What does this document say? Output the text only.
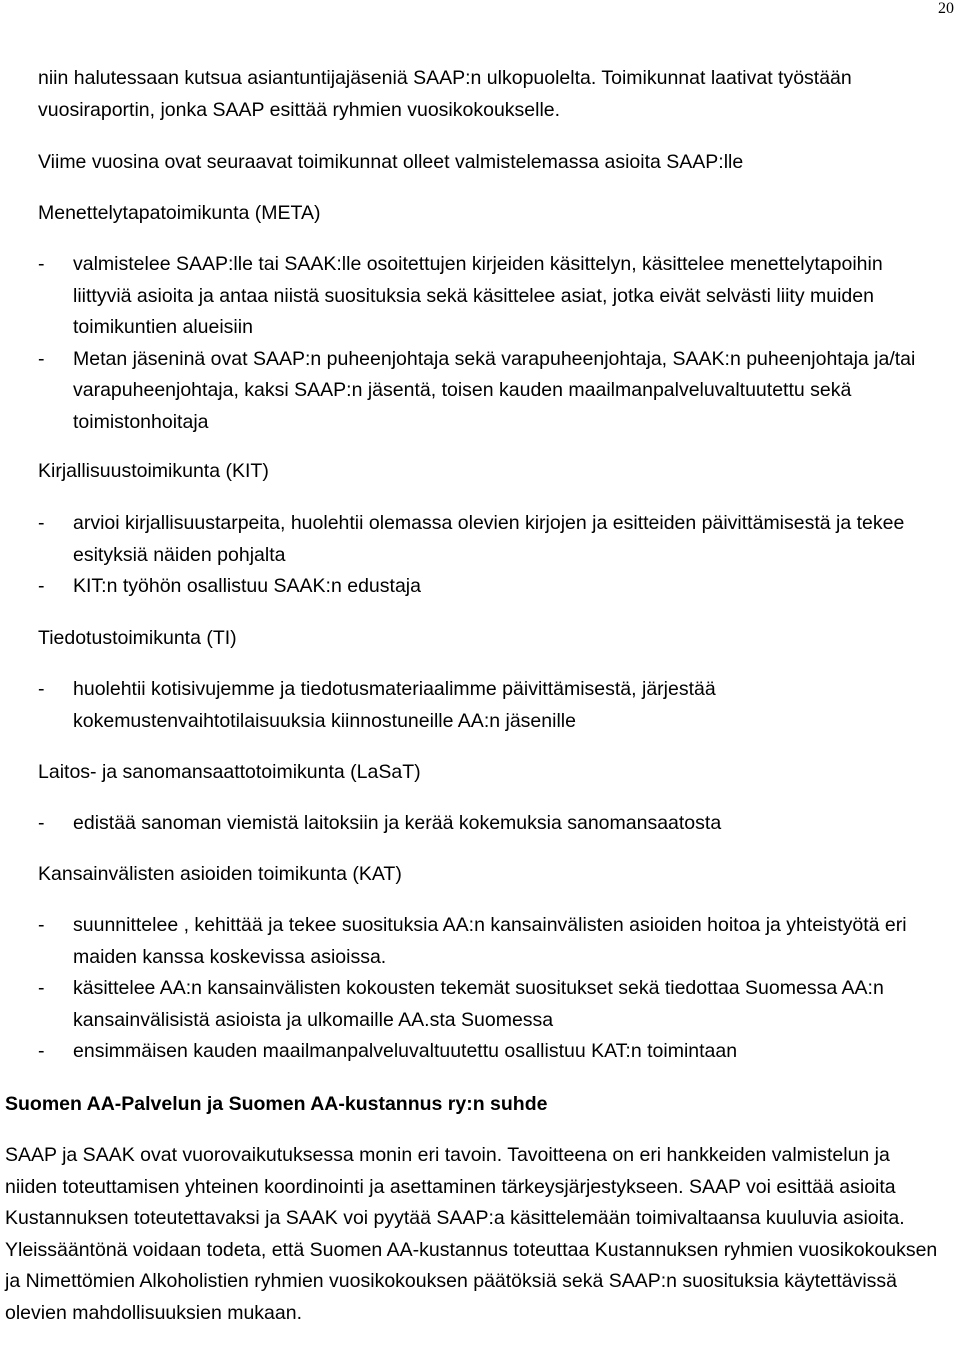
20

niin halutessaan kutsua asiantuntijajäseniä SAAP:n ulkopuolelta. Toimikunnat laativat työstään vuosiraportin, jonka SAAP esittää ryhmien vuosikokoukselle.

Viime vuosina ovat seuraavat toimikunnat olleet valmistelemassa asioita SAAP:lle

Menettelytapatoimikunta (META)

- valmistelee SAAP:lle tai SAAK:lle osoitettujen kirjeiden käsittelyn, käsittelee menettelytapoihin liittyviä asioita ja antaa niistä suosituksia sekä käsittelee asiat, jotka eivät selvästi liity muiden toimikuntien alueisiin

- Metan jäseninä ovat SAAP:n puheenjohtaja sekä varapuheenjohtaja, SAAK:n puheenjohtaja ja/tai varapuheenjohtaja, kaksi SAAP:n jäsentä, toisen kauden maailmanpalveluvaltuutettu sekä toimistonhoitaja

Kirjallisuustoimikunta (KIT)

- arvioi kirjallisuustarpeita, huolehtii olemassa olevien kirjojen ja esitteiden päivittämisestä ja tekee esityksiä näiden pohjalta

- KIT:n työhön osallistuu SAAK:n edustaja

Tiedotustoimikunta (TI)

- huolehtii kotisivujemme ja tiedotusmateriaalimme päivittämisestä, järjestää kokemustenvaihtotilaisuuksia kiinnostuneille AA:n jäsenille

Laitos- ja sanomansaattotoimikunta (LaSaT)

- edistää sanoman viemistä laitoksiin ja kerää kokemuksia sanomansaatosta

Kansainvälisten asioiden toimikunta (KAT)

- suunnittelee , kehittää ja tekee suosituksia AA:n kansainvälisten asioiden hoitoa ja yhteistyötä eri maiden kanssa koskevissa asioissa.

- käsittelee AA:n kansainvälisten kokousten tekemät suositukset sekä tiedottaa Suomessa AA:n kansainvälisistä asioista ja ulkomaille AA.sta Suomessa

- ensimmäisen kauden maailmanpalveluvaltuutettu osallistuu KAT:n toimintaan

Suomen AA-Palvelun ja Suomen AA-kustannus ry:n suhde

SAAP ja SAAK ovat vuorovaikutuksessa monin eri tavoin. Tavoitteena on eri hankkeiden valmistelun ja niiden toteuttamisen yhteinen koordinointi ja asettaminen tärkeysjärjestykseen. SAAP voi esittää asioita Kustannuksen toteutettavaksi ja SAAK voi pyytää SAAP:a käsittelemään toimivaltaansa kuuluvia asioita. Yleissääntönä voidaan todeta, että Suomen AA-kustannus toteuttaa Kustannuksen ryhmien vuosikokouksen ja Nimettömien Alkoholistien ryhmien vuosikokouksen päätöksiä sekä SAAP:n suosituksia käytettävissä olevien mahdollisuuksien mukaan.
